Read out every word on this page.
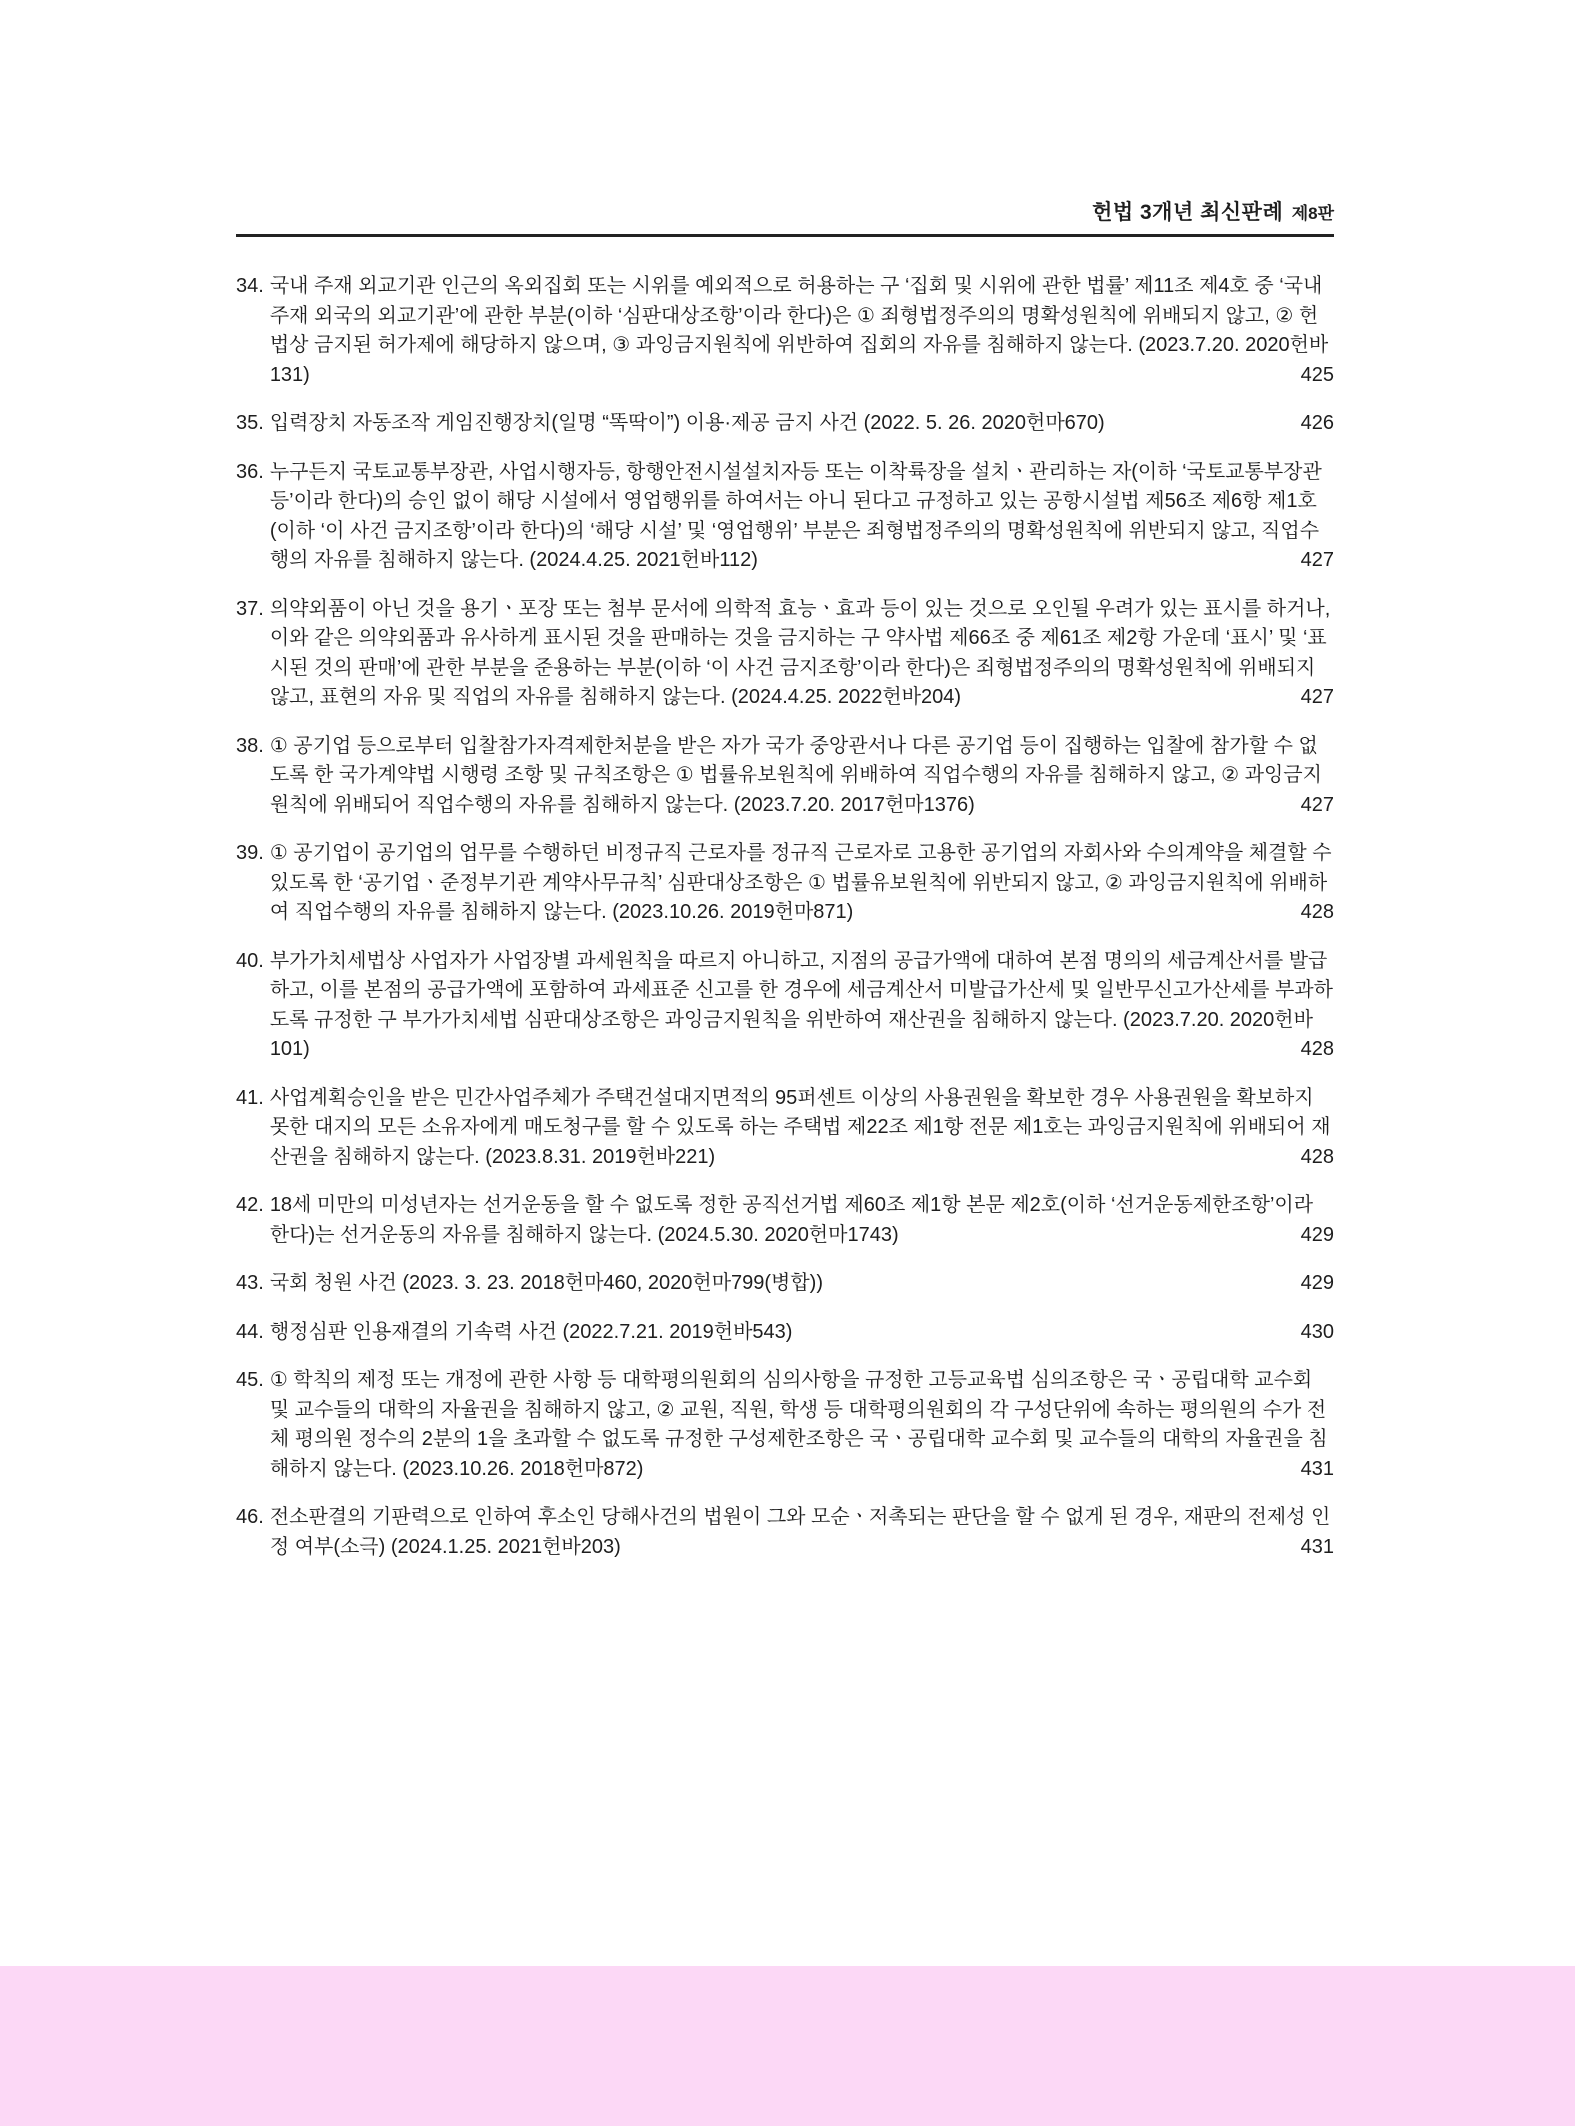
헌법 3개년 최신판례 제8판
34. 국내 주재 외교기관 인근의 옥외집회 또는 시위를 예외적으로 허용하는 구 ‘집회 및 시위에 관한 법률’ 제11조 제4호 중 ‘국내 주재 외국의 외교기관’에 관한 부분(이하 ‘심판대상조항’이라 한다)은 ① 죄형법정주의의 명확성원칙에 위배되지 않고, ② 헌법상 금지된 허가제에 해당하지 않으며, ③ 과잉금지원칙에 위반하여 집회의 자유를 침해하지 않는다. (2023.7.20. 2020헌바131)	425
35. 입력장치 자동조작 게임진행장치(일명 “똑딱이”) 이용·제공 금지 사건 (2022. 5. 26. 2020헌마670)	426
36. 누구든지 국토교통부장관, 사업시행자등, 항행안전시설설치자등 또는 이착륙장을 설치ㆍ관리하는 자(이하 ‘국토교통부장관등’이라 한다)의 승인 없이 해당 시설에서 영업행위를 하여서는 아니 된다고 규정하고 있는 공항시설법 제56조 제6항 제1호(이하 ‘이 사건 금지조항’이라 한다)의 ‘해당 시설’ 및 ‘영업행위’ 부분은 죄형법정주의의 명확성원칙에 위반되지 않고, 직업수행의 자유를 침해하지 않는다. (2024.4.25. 2021헌바112)	427
37. 의약외품이 아닌 것을 용기ㆍ포장 또는 첨부 문서에 의학적 효능ㆍ효과 등이 있는 것으로 오인될 우려가 있는 표시를 하거나, 이와 같은 의약외품과 유사하게 표시된 것을 판매하는 것을 금지하는 구 약사법 제66조 중 제61조 제2항 가운데 ‘표시’ 및 ‘표시된 것의 판매’에 관한 부분을 준용하는 부분(이하 ‘이 사건 금지조항’이라 한다)은 죄형법정주의의 명확성원칙에 위배되지 않고, 표현의 자유 및 직업의 자유를 침해하지 않는다. (2024.4.25. 2022헌바204)	427
38. ① 공기업 등으로부터 입찰참가자격제한처분을 받은 자가 국가 중앙관서나 다른 공기업 등이 집행하는 입찰에 참가할 수 없도록 한 국가계약법 시행령 조항 및 규칙조항은 ① 법률유보원칙에 위배하여 직업수행의 자유를 침해하지 않고, ② 과잉금지원칙에 위배되어 직업수행의 자유를 침해하지 않는다. (2023.7.20. 2017헌마1376)	427
39. ① 공기업이 공기업의 업무를 수행하던 비정규직 근로자를 정규직 근로자로 고용한 공기업의 자회사와 수의계약을 체결할 수 있도록 한 ‘공기업ㆍ준정부기관 계약사무규칙’ 심판대상조항은 ① 법률유보원칙에 위반되지 않고, ② 과잉금지원칙에 위배하여 직업수행의 자유를 침해하지 않는다. (2023.10.26. 2019헌마871)	428
40. 부가가치세법상 사업자가 사업장별 과세원칙을 따르지 아니하고, 지점의 공급가액에 대하여 본점 명의의 세금계산서를 발급하고, 이를 본점의 공급가액에 포함하여 과세표준 신고를 한 경우에 세금계산서 미발급가산세 및 일반무신고가산세를 부과하도록 규정한 구 부가가치세법 심판대상조항은 과잉금지원칙을 위반하여 재산권을 침해하지 않는다. (2023.7.20. 2020헌바101)	428
41. 사업계획승인을 받은 민간사업주체가 주택건설대지면적의 95퍼센트 이상의 사용권원을 확보한 경우 사용권원을 확보하지 못한 대지의 모든 소유자에게 매도청구를 할 수 있도록 하는 주택법 제22조 제1항 전문 제1호는 과잉금지원칙에 위배되어 재산권을 침해하지 않는다. (2023.8.31. 2019헌바221)	428
42. 18세 미만의 미성년자는 선거운동을 할 수 없도록 정한 공직선거법 제60조 제1항 본문 제2호(이하 ‘선거운동제한조항’이라 한다)는 선거운동의 자유를 침해하지 않는다. (2024.5.30. 2020헌마1743)	429
43. 국회 청원 사건 (2023. 3. 23. 2018헌마460, 2020헌마799(병합))	429
44. 행정심판 인용재결의 기속력 사건 (2022.7.21. 2019헌바543)	430
45. ① 학칙의 제정 또는 개정에 관한 사항 등 대학평의원회의 심의사항을 규정한 고등교육법 심의조항은 국ㆍ공립대학 교수회 및 교수들의 대학의 자율권을 침해하지 않고, ② 교원, 직원, 학생 등 대학평의원회의 각 구성단위에 속하는 평의원의 수가 전체 평의원 정수의 2분의 1을 초과할 수 없도록 규정한 구성제한조항은 국ㆍ공립대학 교수회 및 교수들의 대학의 자율권을 침해하지 않는다. (2023.10.26. 2018헌마872)	431
46. 전소판결의 기판력으로 인하여 후소인 당해사건의 법원이 그와 모순ㆍ저촉되는 판단을 할 수 없게 된 경우, 재판의 전제성 인정 여부(소극) (2024.1.25. 2021헌바203)	431
